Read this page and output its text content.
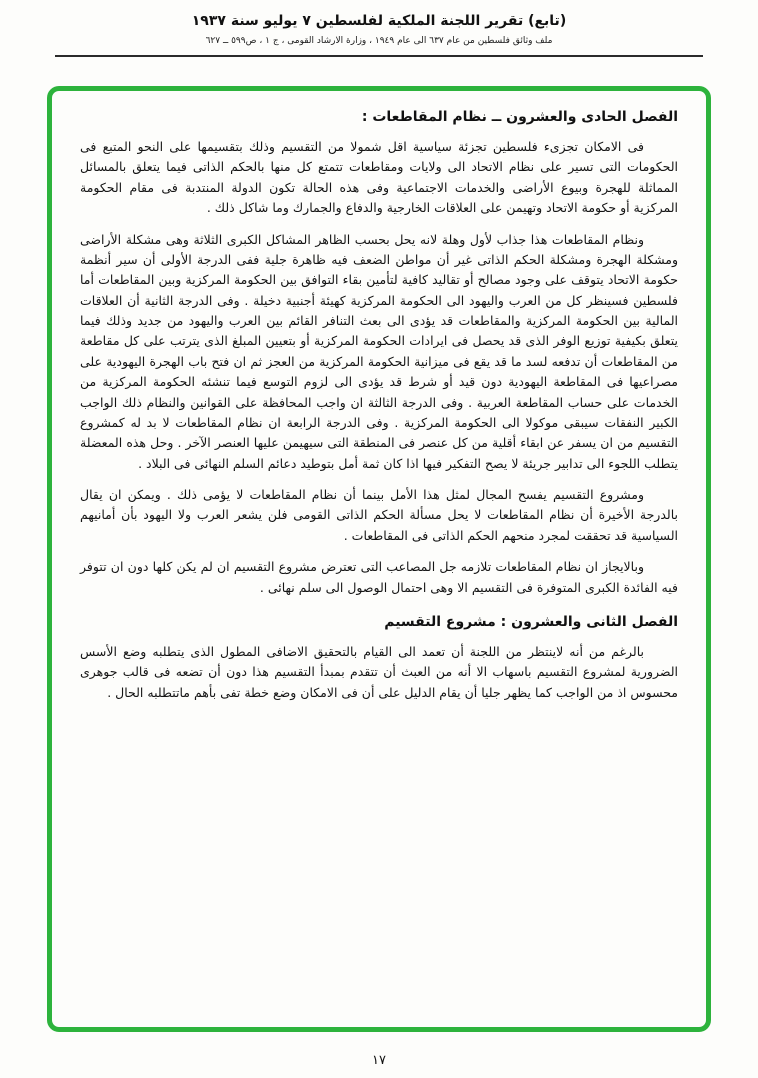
(تابع) تقرير اللجنة الملكية لفلسطين ٧ يوليو سنة ١٩٣٧
ملف وثائق فلسطين من عام ٦٣٧ الى عام ١٩٤٩ ، وزارة الارشاد القومى ، ج ١ ، ص٥٩٩ ــ ٦٢٧
الفصل الحادى والعشرون ــ نظام المقاطعات :

فى الامكان تجزىء فلسطين تجزئة سياسية اقل شمولا من التقسيم وذلك بتقسيمها على النحو المتبع فى الحكومات التى تسير على نظام الاتحاد الى ولايات ومقاطعات تتمتع كل منها بالحكم الذاتى فيما يتعلق بالمسائل المماثلة للهجرة وبيوع الأراضى والخدمات الاجتماعية وفى هذه الحالة تكون الدولة المنتدبة فى مقام الحكومة المركزية أو حكومة الاتحاد وتهيمن على العلاقات الخارجية والدفاع والجمارك وما شاكل ذلك .

ونظام المقاطعات هذا جذاب لأول وهلة لانه يحل بحسب الظاهر المشاكل الكبرى الثلاثة وهى مشكلة الأراضى ومشكلة الهجرة ومشكلة الحكم الذاتى غير أن مواطن الضعف فيه ظاهرة جلية ففى الدرجة الأولى أن سير أنظمة حكومة الاتحاد يتوقف على وجود مصالح أو تقاليد كافية لتأمين بقاء التوافق بين الحكومة المركزية وبين المقاطعات أما فلسطين فسينظر كل من العرب واليهود الى الحكومة المركزية كهيئة أجنبية دخيلة . وفى الدرجة الثانية أن العلاقات المالية بين الحكومة المركزية والمقاطعات قد يؤدى الى بعث التنافر القائم بين العرب واليهود من جديد وذلك فيما يتعلق بكيفية توزيع الوفر الذى قد يحصل فى ايرادات الحكومة المركزية أو بتعيين المبلغ الذى يترتب على كل مقاطعة من المقاطعات أن تدفعه لسد ما قد يقع فى ميزانية الحكومة المركزية من العجز ثم ان فتح باب الهجرة اليهودية على مصراعيها فى المقاطعة اليهودية دون قيد أو شرط قد يؤدى الى لزوم التوسع فيما تنشئه الحكومة المركزية من الخدمات على حساب المقاطعة العربية . وفى الدرجة الثالثة ان واجب المحافظة على القوانين والنظام ذلك الواجب الكبير النفقات سيبقى موكولا الى الحكومة المركزية . وفى الدرجة الرابعة ان نظام المقاطعات لا بد له كمشروع التقسيم من ان يسفر عن ابقاء أقلية من كل عنصر فى المنطقة التى سيهيمن عليها العنصر الآخر . وحل هذه المعضلة يتطلب اللجوء الى تدابير جريئة لا يصح التفكير فيها اذا كان ثمة أمل بتوطيد دعائم السلم النهائى فى البلاد .

ومشروع التقسيم يفسح المجال لمثل هذا الأمل بينما أن نظام المقاطعات لا يؤمى ذلك . ويمكن ان يقال بالدرجة الأخيرة أن نظام المقاطعات لا يحل مسألة الحكم الذاتى القومى فلن يشعر العرب ولا اليهود بأن أمانيهم السياسية قد تحققت لمجرد منحهم الحكم الذاتى فى المقاطعات .

وبالايجاز ان نظام المقاطعات تلازمه جل المصاعب التى تعترض مشروع التقسيم ان لم يكن كلها دون ان تتوفر فيه الفائدة الكبرى المتوفرة فى التقسيم الا وهى احتمال الوصول الى سلم نهائى .

الفصل الثانى والعشرون : مشروع التقسيم

بالرغم من أنه لاينتظر من اللجنة أن تعمد الى القيام بالتحقيق الاضافى المطول الذى يتطلبه وضع الأسس الضرورية لمشروع التقسيم باسهاب الا أنه من العبث أن تتقدم بمبدأ التقسيم هذا دون أن تضعه فى قالب جوهرى محسوس اذ من الواجب كما يظهر جليا أن يقام الدليل على أن فى الامكان وضع خطة تفى بأهم ماتتطلبه الحال .

١٧
